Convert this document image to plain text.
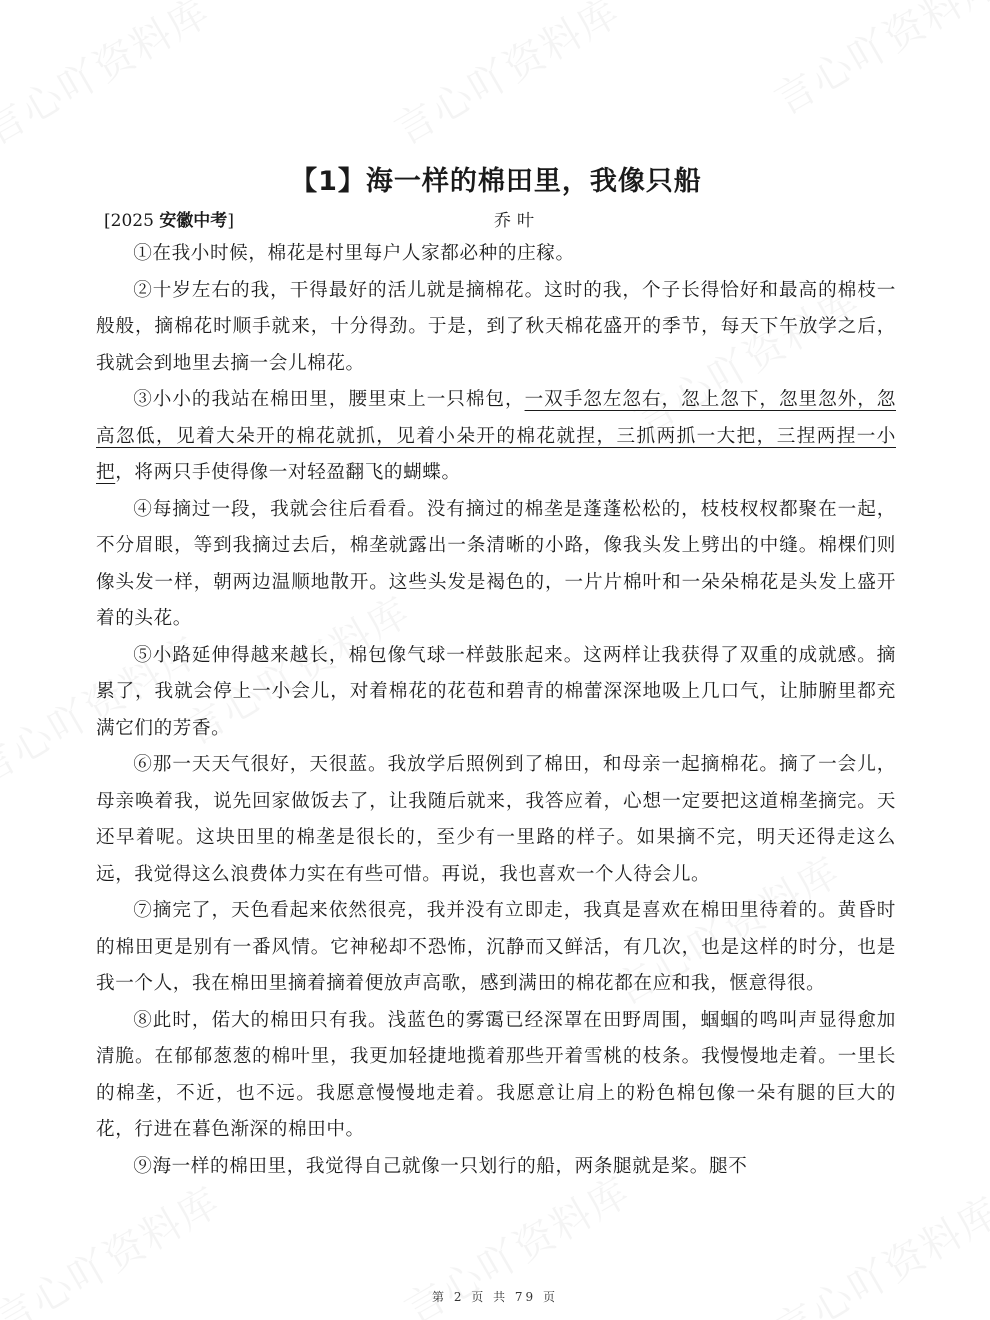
【1】海一样的棉田里，我像只船
[2025 安徽中考]	乔叶

①在我小时候，棉花是村里每户人家都必种的庄稼。

②十岁左右的我，干得最好的活儿就是摘棉花。这时的我，个子长得恰好和最高的棉枝一般般，摘棉花时顺手就来，十分得劲。于是，到了秋天棉花盛开的季节，每天下午放学之后，我就会到地里去摘一会儿棉花。

③小小的我站在棉田里，腰里束上一只棉包，一双手忽左忽右，忽上忽下，忽里忽外，忽高忽低，见着大朵开的棉花就抓，见着小朵开的棉花就捏，三抓两抓一大把，三捏两捏一小把，将两只手使得像一对轻盈翻飞的蝴蝶。

④每摘过一段，我就会往后看看。没有摘过的棉垄是蓬蓬松松的，枝枝杈杈都聚在一起，不分眉眼，等到我摘过去后，棉垄就露出一条清晰的小路，像我头发上劈出的中缝。棉棵们则像头发一样，朝两边温顺地散开。这些头发是褐色的，一片片棉叶和一朵朵棉花是头发上盛开着的头花。

⑤小路延伸得越来越长，棉包像气球一样鼓胀起来。这两样让我获得了双重的成就感。摘累了，我就会停上一小会儿，对着棉花的花苞和碧青的棉蕾深深地吸上几口气，让肺腑里都充满它们的芳香。

⑥那一天天气很好，天很蓝。我放学后照例到了棉田，和母亲一起摘棉花。摘了一会儿，母亲唤着我，说先回家做饭去了，让我随后就来，我答应着，心想一定要把这道棉垄摘完。天还早着呢。这块田里的棉垄是很长的，至少有一里路的样子。如果摘不完，明天还得走这么远，我觉得这么浪费体力实在有些可惜。再说，我也喜欢一个人待会儿。

⑦摘完了，天色看起来依然很亮，我并没有立即走，我真是喜欢在棉田里待着的。黄昏时的棉田更是别有一番风情。它神秘却不恐怖，沉静而又鲜活，有几次，也是这样的时分，也是我一个人，我在棉田里摘着摘着便放声高歌，感到满田的棉花都在应和我，惬意得很。

⑧此时，偌大的棉田只有我。浅蓝色的雾霭已经深罩在田野周围，蝈蝈的鸣叫声显得愈加清脆。在郁郁葱葱的棉叶里，我更加轻捷地揽着那些开着雪桃的枝条。我慢慢地走着。一里长的棉垄，不近，也不远。我愿意慢慢地走着。我愿意让肩上的粉色棉包像一朵有腿的巨大的花，行进在暮色渐深的棉田中。

⑨海一样的棉田里，我觉得自己就像一只划行的船，两条腿就是桨。腿不

第 2 页 共 79 页
